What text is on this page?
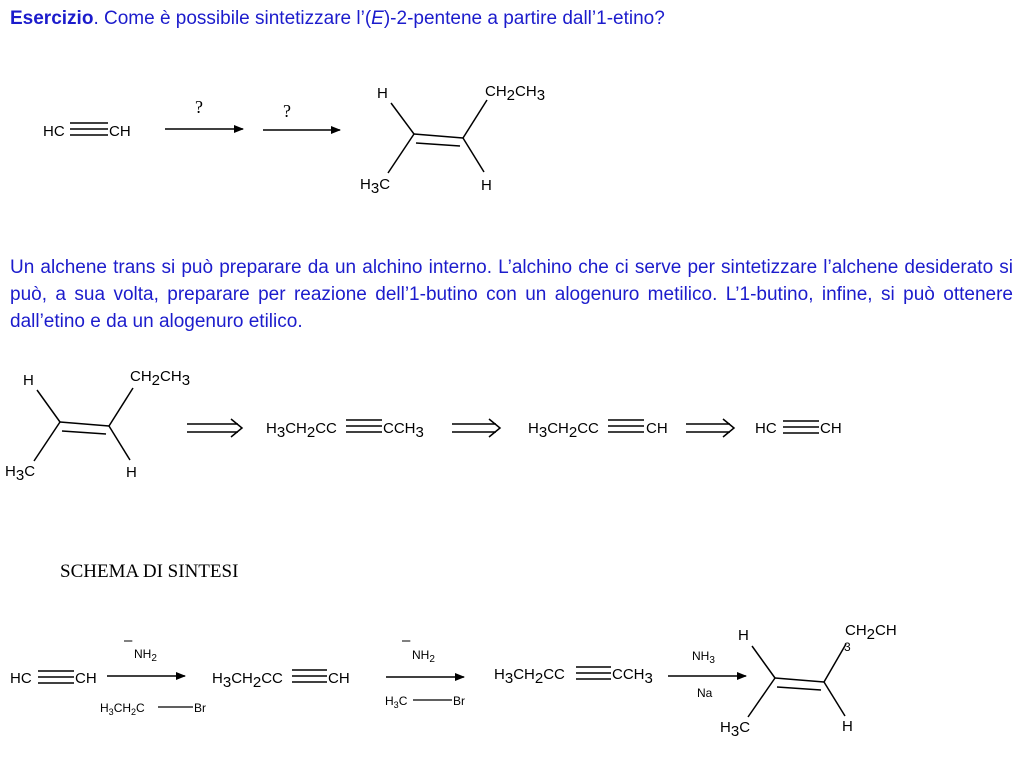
Esercizio. Come è possibile sintetizzare l’(E)-2-pentene a partire dall’1-etino?
Un alchene trans si può preparare da un alchino interno. L’alchino che ci serve per sintetizzare l’alchene desiderato si può, a sua volta, preparare per reazione dell’1-butino con un alogenuro metilico. L’1-butino, infine, si può ottenere dall’etino e da un alogenuro etilico.
SCHEMA DI SINTESI
HC	CH
?	?
H	CH2CH3
H3C	H
H	CH2CH3
H3C	H
H3CH2CC	CCH3	H3CH2CC	CH	HC	CH
HC	CH
–
$NH_2$
$H_3CH_2C$	Br
H3CH2CC	CH
–
$NH_2$
$H_3C$	Br
H3CH2CC	CCH3
$NH_3$
Na
H	CH2CH
3
H3C	H
